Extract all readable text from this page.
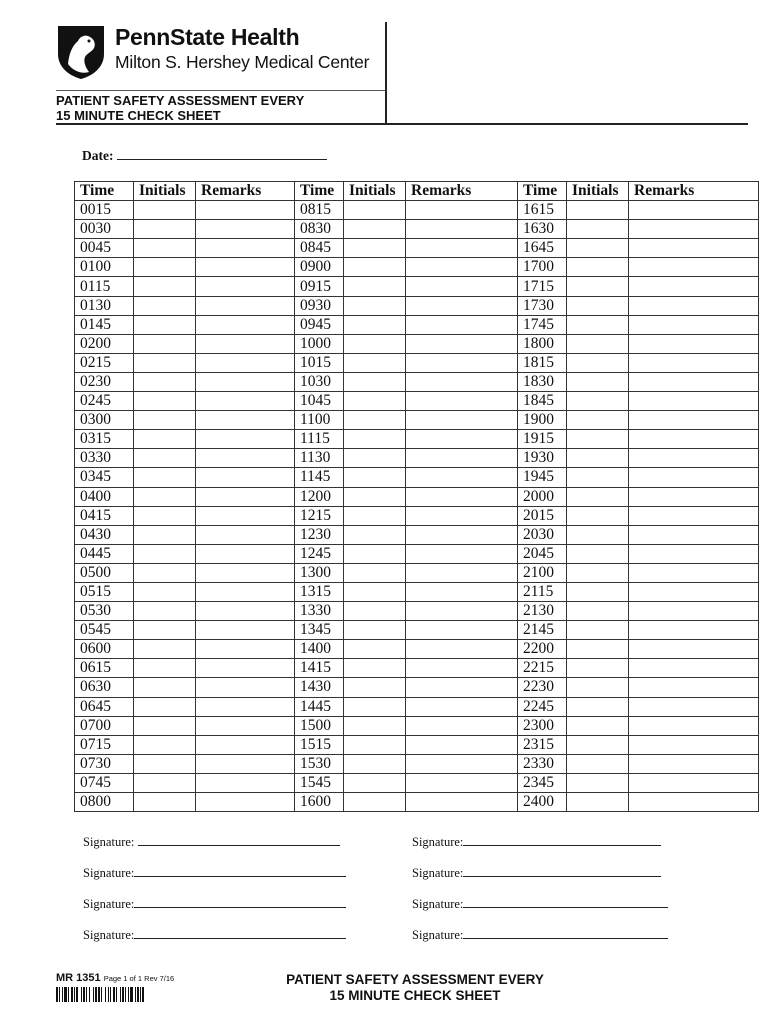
PennState Health
Milton S. Hershey Medical Center
PATIENT SAFETY ASSESSMENT EVERY
15 MINUTE CHECK SHEET
Date:
Time	Initials	Remarks	Time	Initials	Remarks	Time	Initials	Remarks
0015			0815			1615		
0030			0830			1630		
0045			0845			1645		
0100			0900			1700		
0115			0915			1715		
0130			0930			1730		
0145			0945			1745		
0200			1000			1800		
0215			1015			1815		
0230			1030			1830		
0245			1045			1845		
0300			1100			1900		
0315			1115			1915		
0330			1130			1930		
0345			1145			1945		
0400			1200			2000		
0415			1215			2015		
0430			1230			2030		
0445			1245			2045		
0500			1300			2100		
0515			1315			2115		
0530			1330			2130		
0545			1345			2145		
0600			1400			2200		
0615			1415			2215		
0630			1430			2230		
0645			1445			2245		
0700			1500			2300		
0715			1515			2315		
0730			1530			2330		
0745			1545			2345		
0800			1600			2400		
Signature:
Signature:
Signature:
Signature:
Signature:
Signature:
Signature:
Signature:
MR 1351 Page 1 of 1 Rev 7/16	PATIENT SAFETY ASSESSMENT EVERY
15 MINUTE CHECK SHEET
